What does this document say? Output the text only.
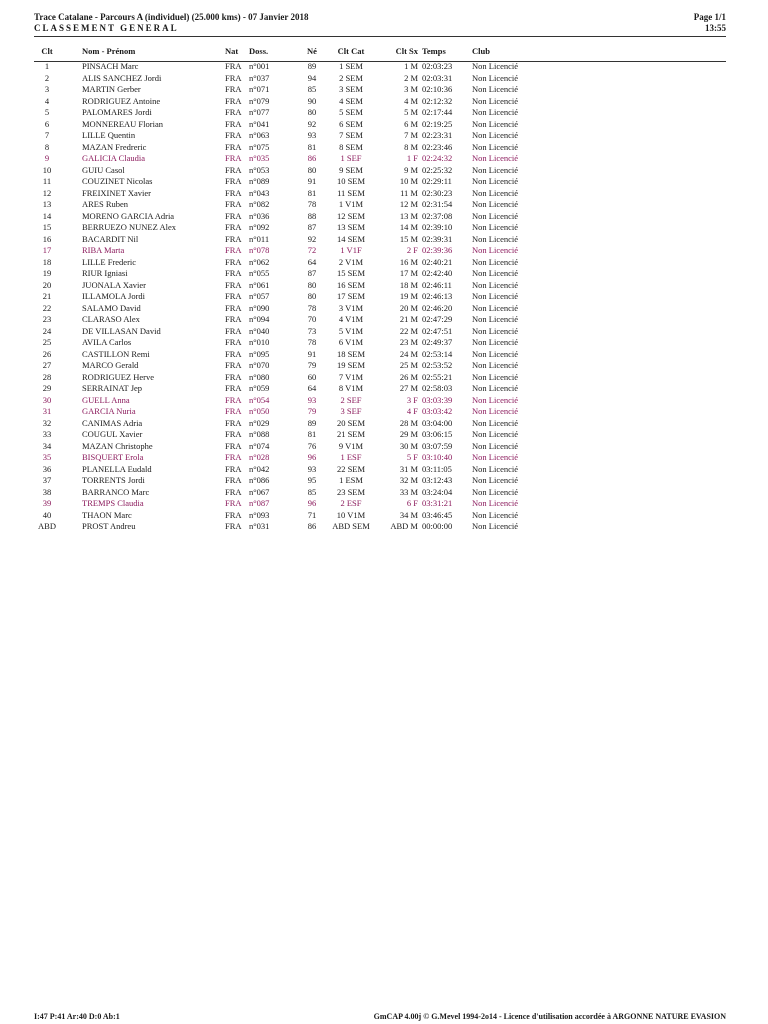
Trace Catalane - Parcours A (individuel) (25.000 kms) - 07 Janvier 2018
CLASSEMENT GENERAL
Page 1/1
13:55
Clt	Nom - Prénom	Nat	Doss.	Né	Clt Cat	Clt Sx	Temps	Club
1	PINSACH Marc	FRA	n°001	89	1 SEM	1 M	02:03:23	Non Licencié
2	ALIS SANCHEZ Jordi	FRA	n°037	94	2 SEM	2 M	02:03:31	Non Licencié
3	MARTIN Gerber	FRA	n°071	85	3 SEM	3 M	02:10:36	Non Licencié
4	RODRIGUEZ Antoine	FRA	n°079	90	4 SEM	4 M	02:12:32	Non Licencié
5	PALOMARES Jordi	FRA	n°077	80	5 SEM	5 M	02:17:44	Non Licencié
6	MONNEREAU Florian	FRA	n°041	92	6 SEM	6 M	02:19:25	Non Licencié
7	LILLE Quentin	FRA	n°063	93	7 SEM	7 M	02:23:31	Non Licencié
8	MAZAN Fredreric	FRA	n°075	81	8 SEM	8 M	02:23:46	Non Licencié
9	GALICIA Claudia	FRA	n°035	86	1 SEF	1 F	02:24:32	Non Licencié
10	GUIU Casol	FRA	n°053	80	9 SEM	9 M	02:25:32	Non Licencié
11	COUZINET Nicolas	FRA	n°089	91	10 SEM	10 M	02:29:11	Non Licencié
12	FREIXINET Xavier	FRA	n°043	81	11 SEM	11 M	02:30:23	Non Licencié
13	ARES Ruben	FRA	n°082	78	1 V1M	12 M	02:31:54	Non Licencié
14	MORENO GARCIA Adria	FRA	n°036	88	12 SEM	13 M	02:37:08	Non Licencié
15	BERRUEZO NUNEZ Alex	FRA	n°092	87	13 SEM	14 M	02:39:10	Non Licencié
16	BACARDIT Nil	FRA	n°011	92	14 SEM	15 M	02:39:31	Non Licencié
17	RIBA Marta	FRA	n°078	72	1 V1F	2 F	02:39:36	Non Licencié
18	LILLE Frederic	FRA	n°062	64	2 V1M	16 M	02:40:21	Non Licencié
19	RIUR Igniasi	FRA	n°055	87	15 SEM	17 M	02:42:40	Non Licencié
20	JUONALA Xavier	FRA	n°061	80	16 SEM	18 M	02:46:11	Non Licencié
21	ILLAMOLA Jordi	FRA	n°057	80	17 SEM	19 M	02:46:13	Non Licencié
22	SALAMO David	FRA	n°090	78	3 V1M	20 M	02:46:20	Non Licencié
23	CLARASO Alex	FRA	n°094	70	4 V1M	21 M	02:47:29	Non Licencié
24	DE VILLASAN David	FRA	n°040	73	5 V1M	22 M	02:47:51	Non Licencié
25	AVILA Carlos	FRA	n°010	78	6 V1M	23 M	02:49:37	Non Licencié
26	CASTILLON Remi	FRA	n°095	91	18 SEM	24 M	02:53:14	Non Licencié
27	MARCO Gerald	FRA	n°070	79	19 SEM	25 M	02:53:52	Non Licencié
28	RODRIGUEZ Herve	FRA	n°080	60	7 V1M	26 M	02:55:21	Non Licencié
29	SERRAINAT Jep	FRA	n°059	64	8 V1M	27 M	02:58:03	Non Licencié
30	GUELL Anna	FRA	n°054	93	2 SEF	3 F	03:03:39	Non Licencié
31	GARCIA Nuria	FRA	n°050	79	3 SEF	4 F	03:03:42	Non Licencié
32	CANIMAS Adria	FRA	n°029	89	20 SEM	28 M	03:04:00	Non Licencié
33	COUGUL Xavier	FRA	n°088	81	21 SEM	29 M	03:06:15	Non Licencié
34	MAZAN Christophe	FRA	n°074	76	9 V1M	30 M	03:07:59	Non Licencié
35	BISQUERT Erola	FRA	n°028	96	1 ESF	5 F	03:10:40	Non Licencié
36	PLANELLA Eudald	FRA	n°042	93	22 SEM	31 M	03:11:05	Non Licencié
37	TORRENTS Jordi	FRA	n°086	95	1 ESM	32 M	03:12:43	Non Licencié
38	BARRANCO Marc	FRA	n°067	85	23 SEM	33 M	03:24:04	Non Licencié
39	TREMPS Claudia	FRA	n°087	96	2 ESF	6 F	03:31:21	Non Licencié
40	THAON Marc	FRA	n°093	71	10 V1M	34 M	03:46:45	Non Licencié
ABD	PROST Andreu	FRA	n°031	86	ABD SEM	ABD M	00:00:00	Non Licencié
I:47 P:41 Ar:40 D:0 Ab:1	GmCAP 4.00j © G.Mevel 1994-2o14 - Licence d'utilisation accordée à ARGONNE NATURE EVASION
